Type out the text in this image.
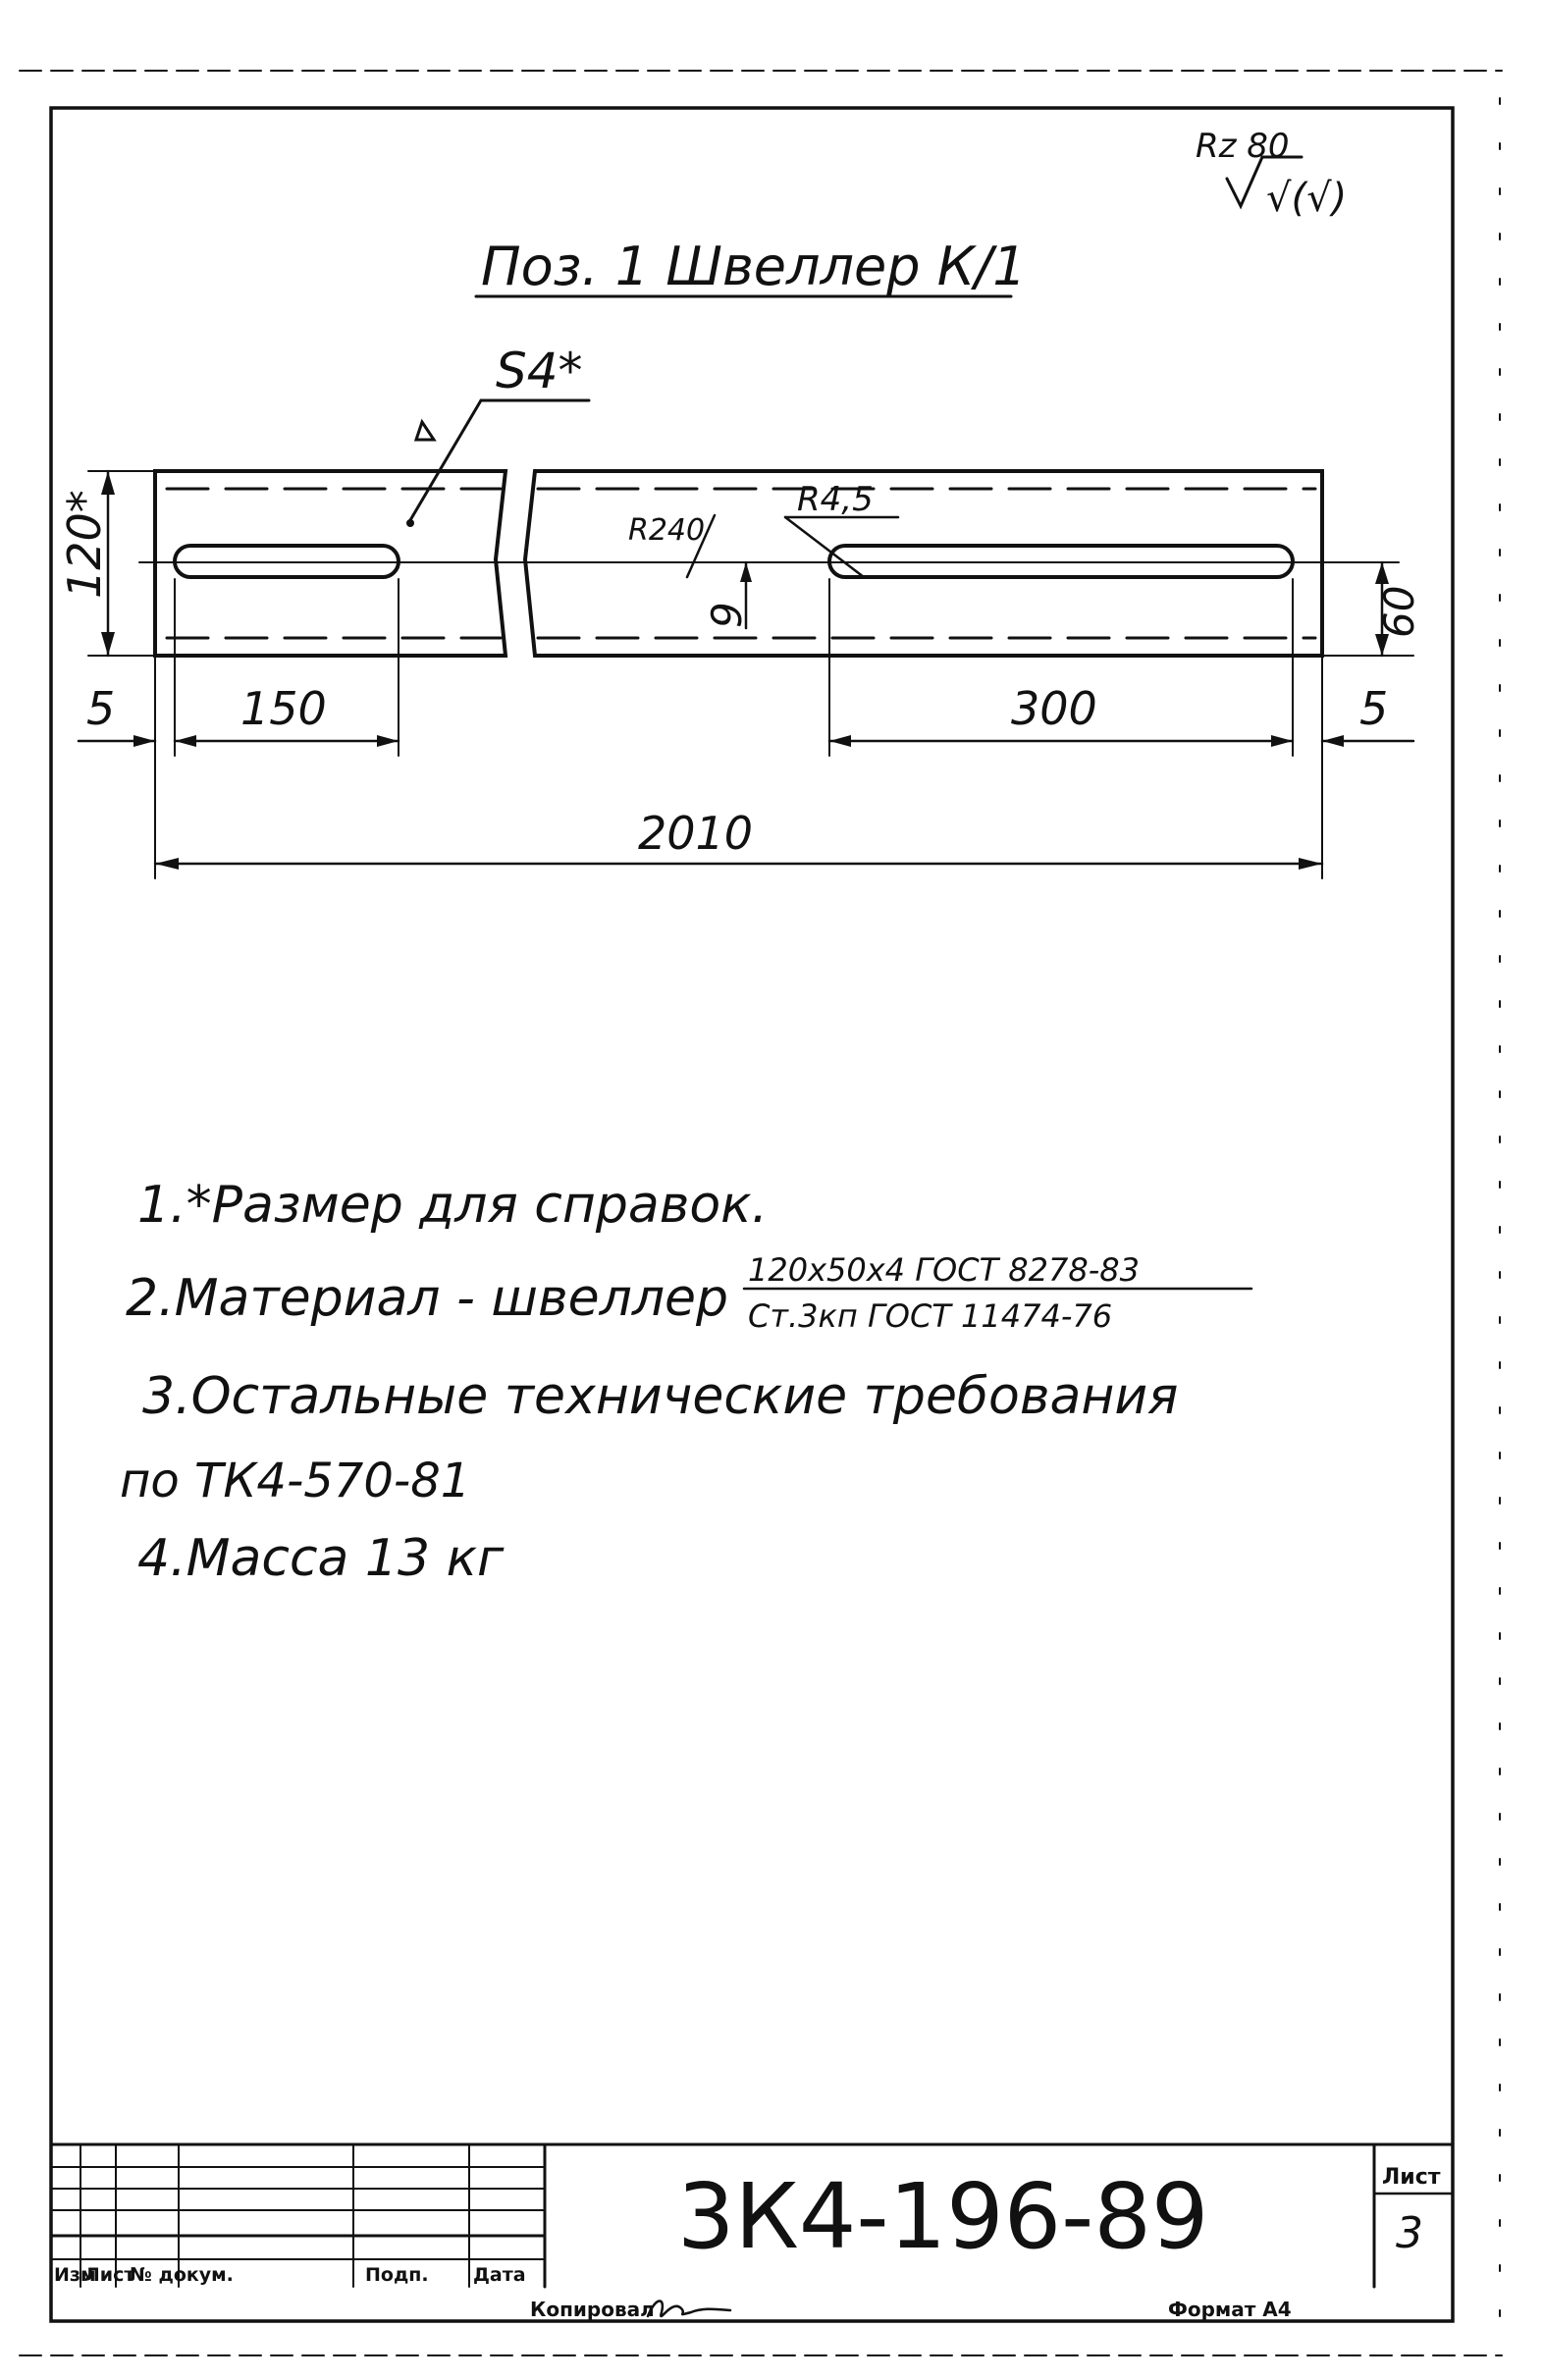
Rz 80
√(√)
Поз. 1 Швеллер К/1
S4*
R240
R4,5
120*
9	60
5	150	300	5
2010
1.*Размер для справок.
2.Материал - швеллер 120х50х4 ГОСТ 8278-83
Ст.3кп ГОСТ 11474-76
3.Остальные технические требования
по ТК4-570-81
4.Масса 13 кг
Изм
Лист
№ докум.	Подп. Дата
3К4-196-89	Лист
3
Копировал	Формат А4
